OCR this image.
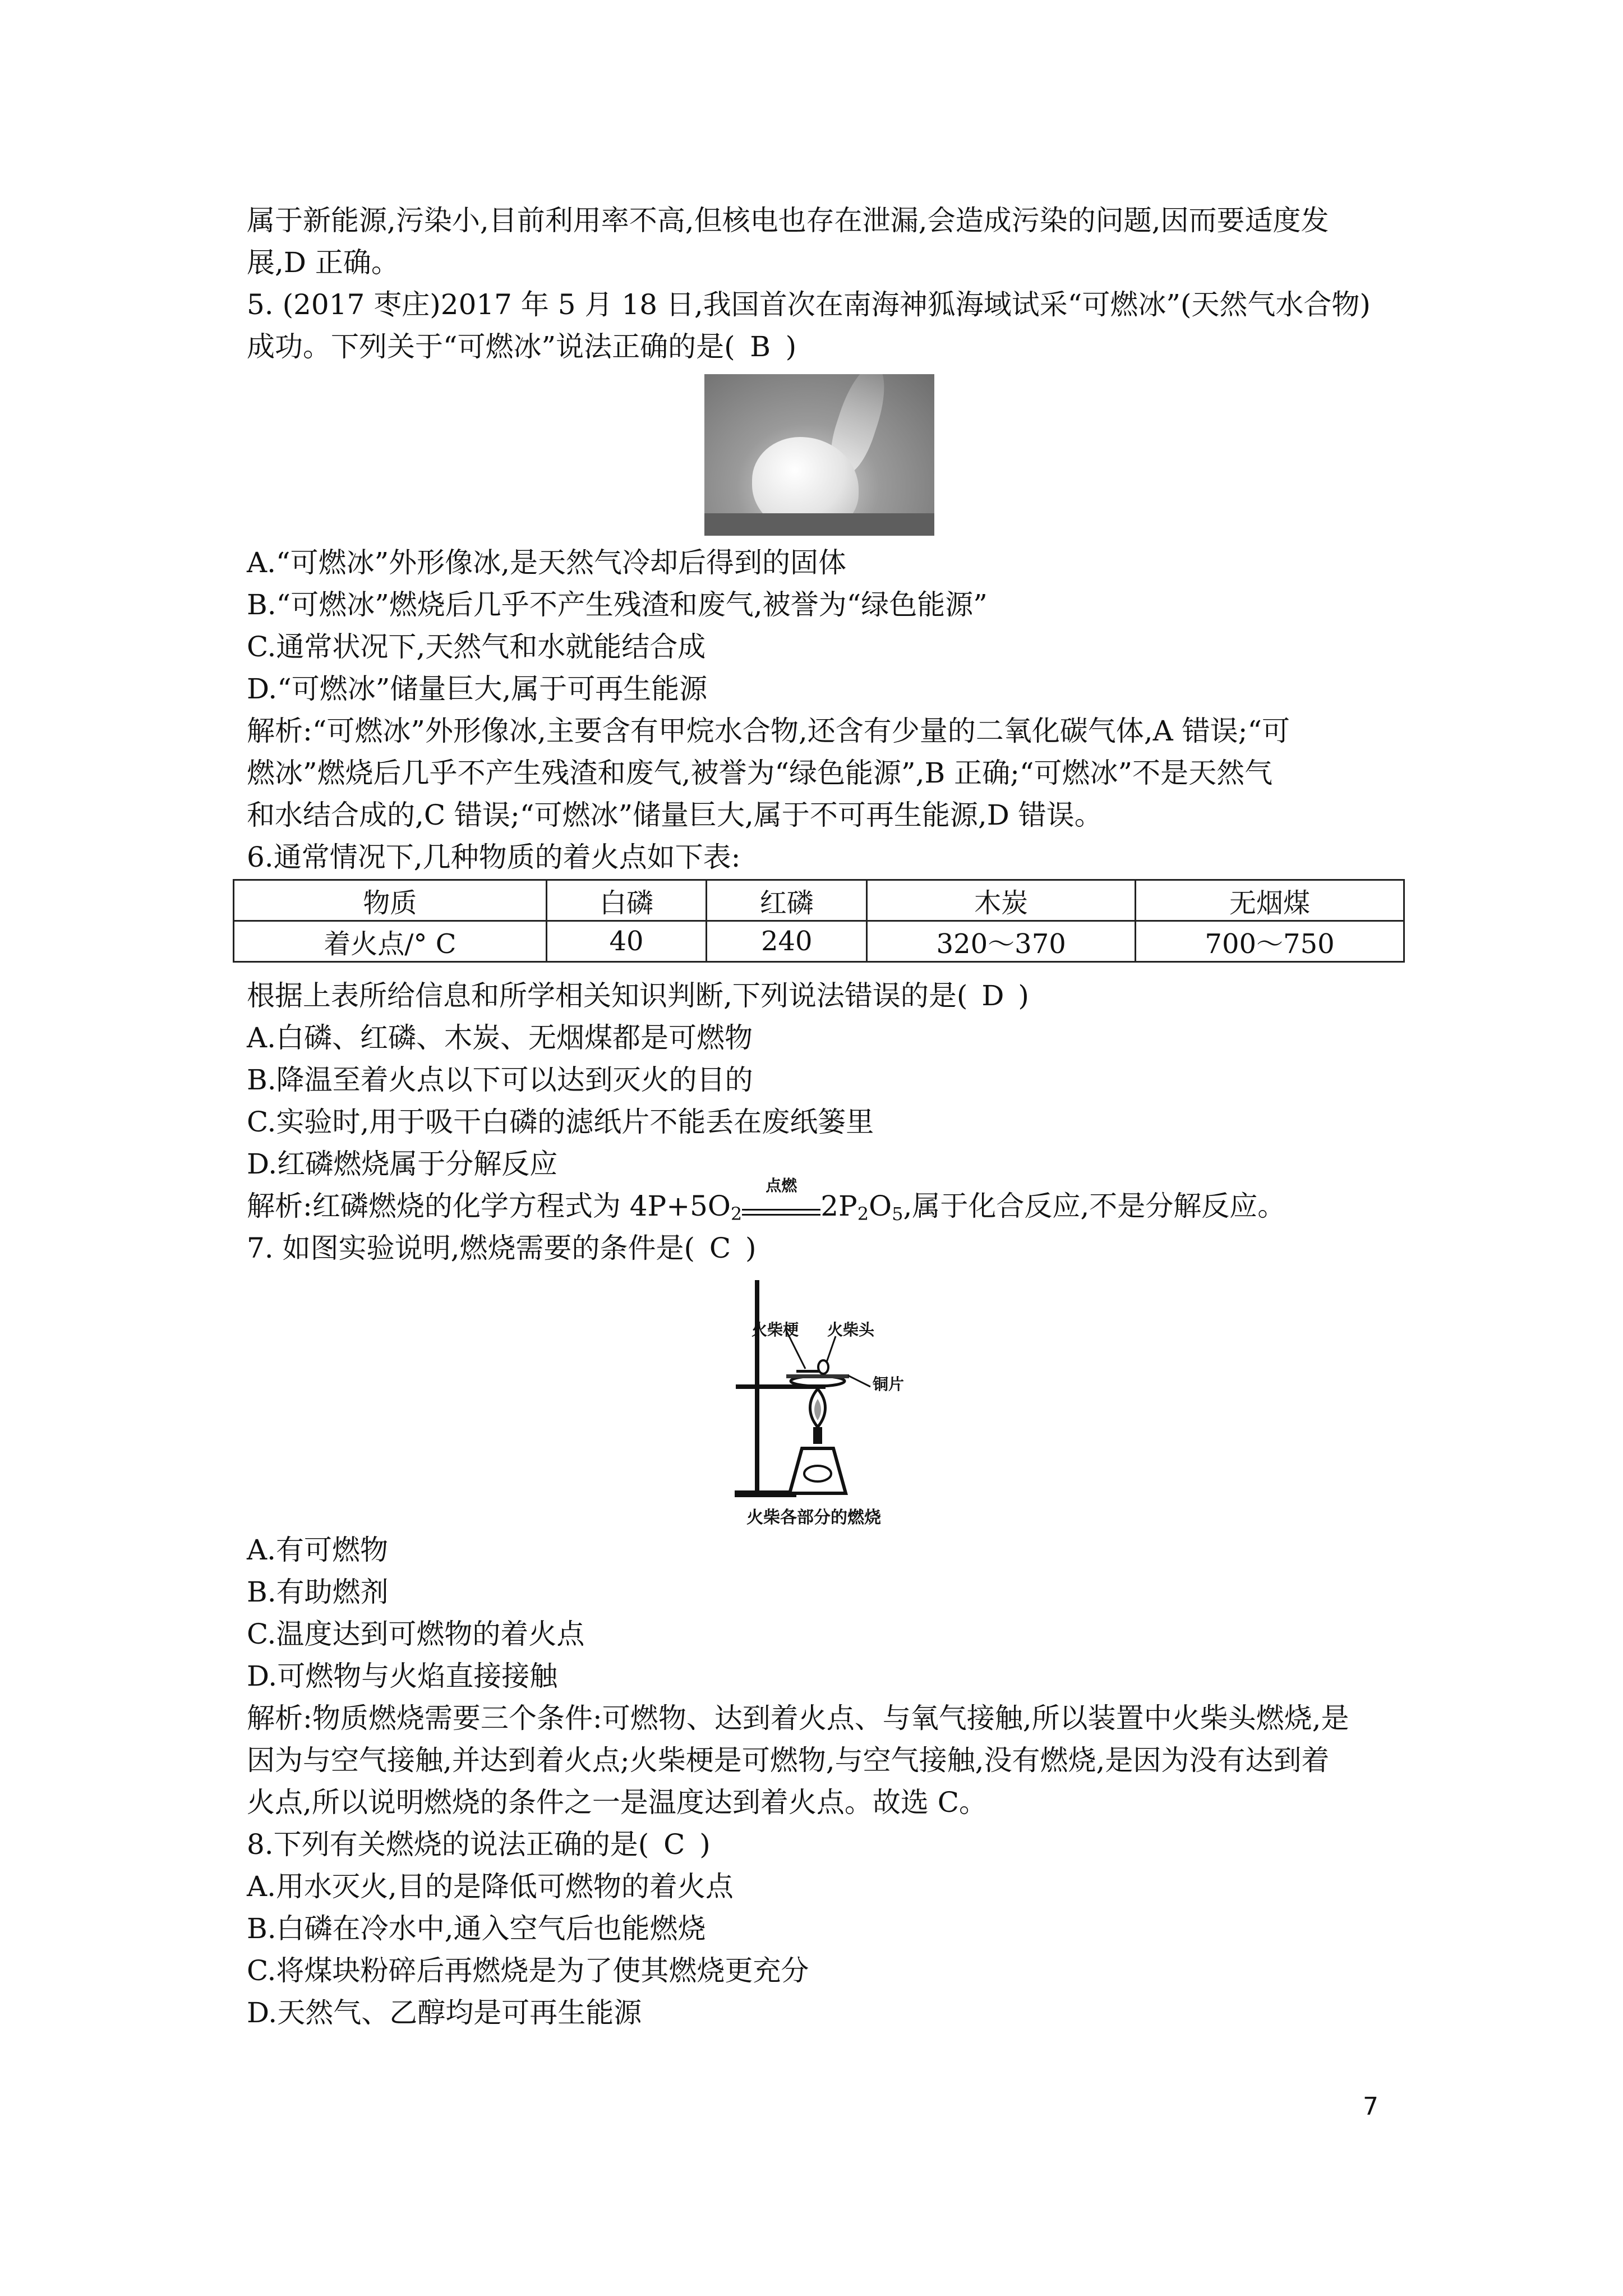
属于新能源,污染小,目前利用率不高,但核电也存在泄漏,会造成污染的问题,因而要适度发
展,D 正确。
5. (2017 枣庄)2017 年 5 月 18 日,我国首次在南海神狐海域试采“可燃冰”(天然气水合物)
成功。下列关于“可燃冰”说法正确的是( B )
A.“可燃冰”外形像冰,是天然气冷却后得到的固体
B.“可燃冰”燃烧后几乎不产生残渣和废气,被誉为“绿色能源”
C.通常状况下,天然气和水就能结合成
D.“可燃冰”储量巨大,属于可再生能源
解析:“可燃冰”外形像冰,主要含有甲烷水合物,还含有少量的二氧化碳气体,A 错误;“可
燃冰”燃烧后几乎不产生残渣和废气,被誉为“绿色能源”,B 正确;“可燃冰”不是天然气
和水结合成的,C 错误;“可燃冰”储量巨大,属于不可再生能源,D 错误。
6.通常情况下,几种物质的着火点如下表:
物质	白磷	红磷	木炭	无烟煤
着火点/° C	40	240	320～370	700～750
根据上表所给信息和所学相关知识判断,下列说法错误的是( D )
A.白磷、红磷、木炭、无烟煤都是可燃物
B.降温至着火点以下可以达到灭火的目的
C.实验时,用于吸干白磷的滤纸片不能丢在废纸篓里
D.红磷燃烧属于分解反应
解析:红磷燃烧的化学方程式为 $4P+5O_2$
点燃
$2P_2O_5$,属于化合反应,不是分解反应。
7. 如图实验说明,燃烧需要的条件是( C )
火柴梗 火柴头
铜片
火柴各部分的燃烧
A.有可燃物
B.有助燃剂
C.温度达到可燃物的着火点
D.可燃物与火焰直接接触
解析:物质燃烧需要三个条件:可燃物、达到着火点、与氧气接触,所以装置中火柴头燃烧,是
因为与空气接触,并达到着火点;火柴梗是可燃物,与空气接触,没有燃烧,是因为没有达到着
火点,所以说明燃烧的条件之一是温度达到着火点。故选 C。
8.下列有关燃烧的说法正确的是( C )
A.用水灭火,目的是降低可燃物的着火点
B.白磷在冷水中,通入空气后也能燃烧
C.将煤块粉碎后再燃烧是为了使其燃烧更充分
D.天然气、乙醇均是可再生能源
7
